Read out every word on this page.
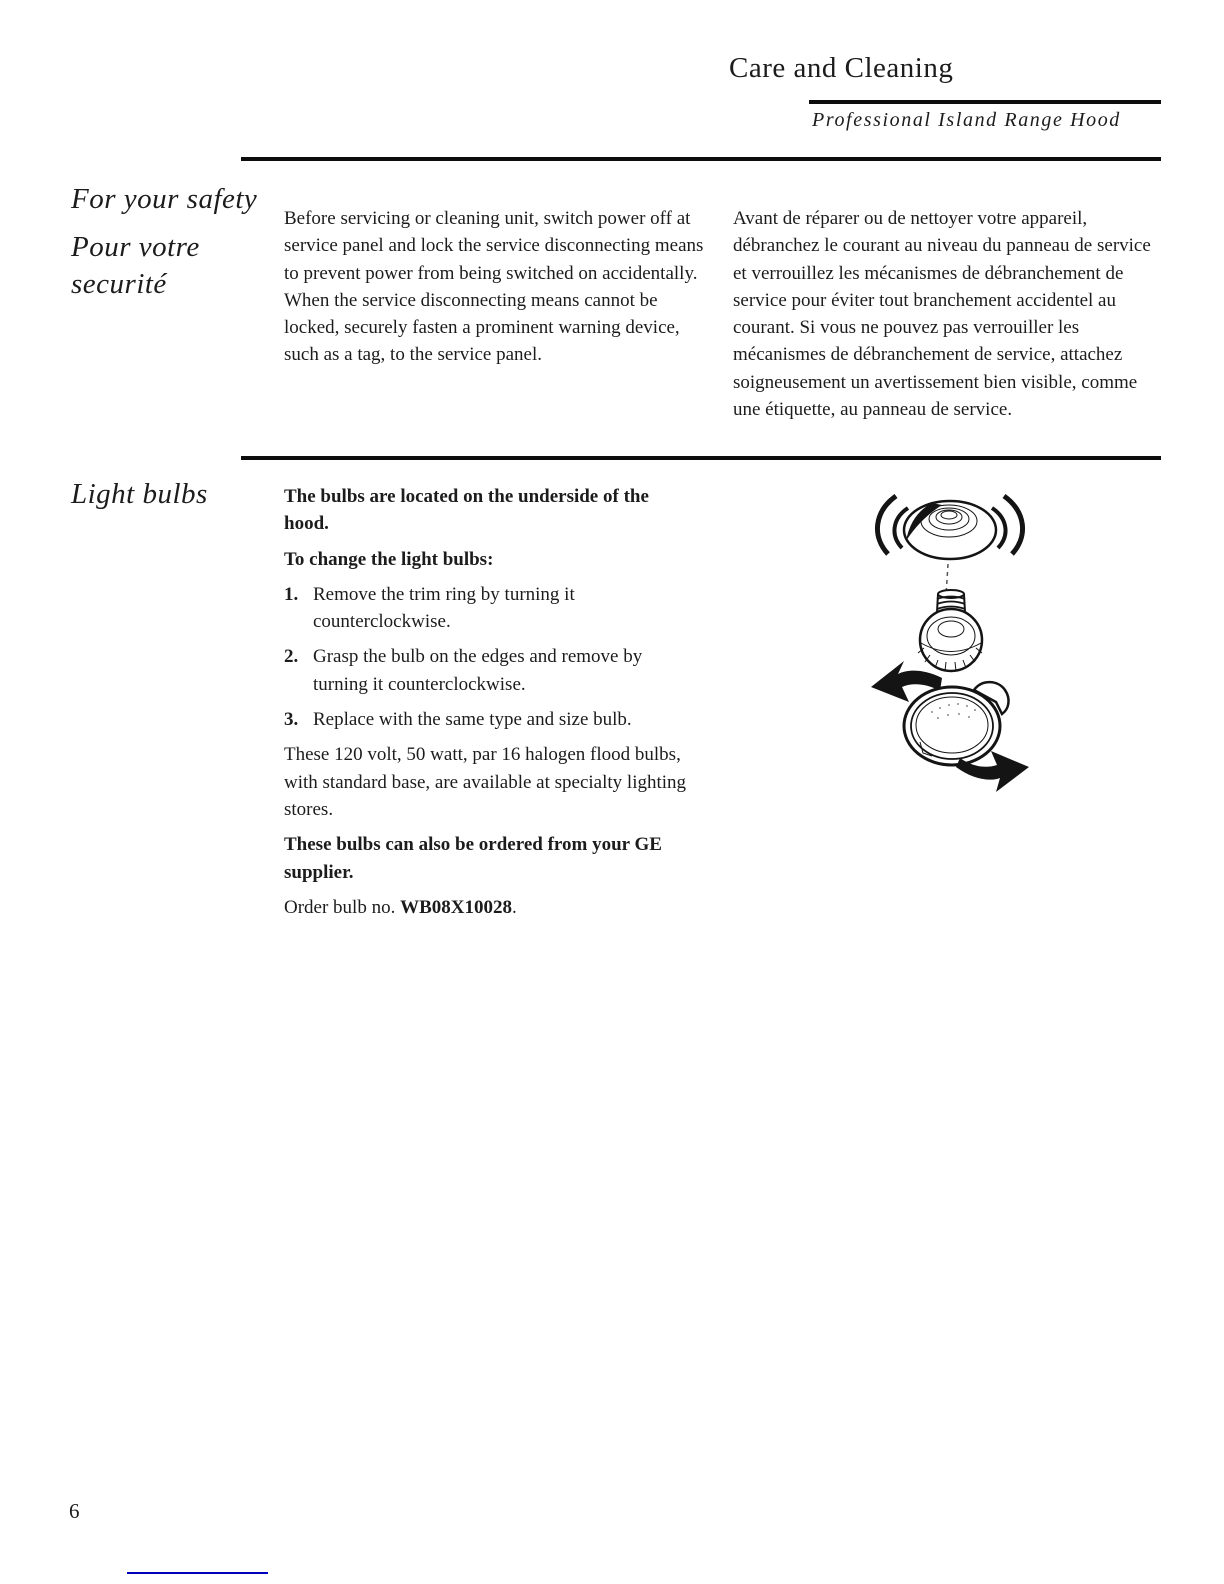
Care and Cleaning
Professional Island Range Hood
For your safety
Pour votre
securité

Before servicing or cleaning unit, switch power off at service panel and lock the service disconnecting means to prevent power from being switched on accidentally. When the service disconnecting means cannot be locked, securely fasten a prominent warning device, such as a tag, to the service panel.

Avant de réparer ou de nettoyer votre appareil, débranchez le courant au niveau du panneau de service et verrouillez les mécanismes de débranchement de service pour éviter tout branchement accidentel au courant. Si vous ne pouvez pas verrouiller les mécanismes de débranchement de service, attachez soigneusement un avertissement bien visible, comme une étiquette, au panneau de service.

Light bulbs	The bulbs are located on the underside of the hood.

To change the light bulbs:

1. Remove the trim ring by turning it counterclockwise.
2. Grasp the bulb on the edges and remove by turning it counterclockwise.
3. Replace with the same type and size bulb.

These 120 volt, 50 watt, par 16 halogen flood bulbs, with standard base, are available at specialty lighting stores.

These bulbs can also be ordered from your GE supplier.

Order bulb no. WB08X10028.

6
